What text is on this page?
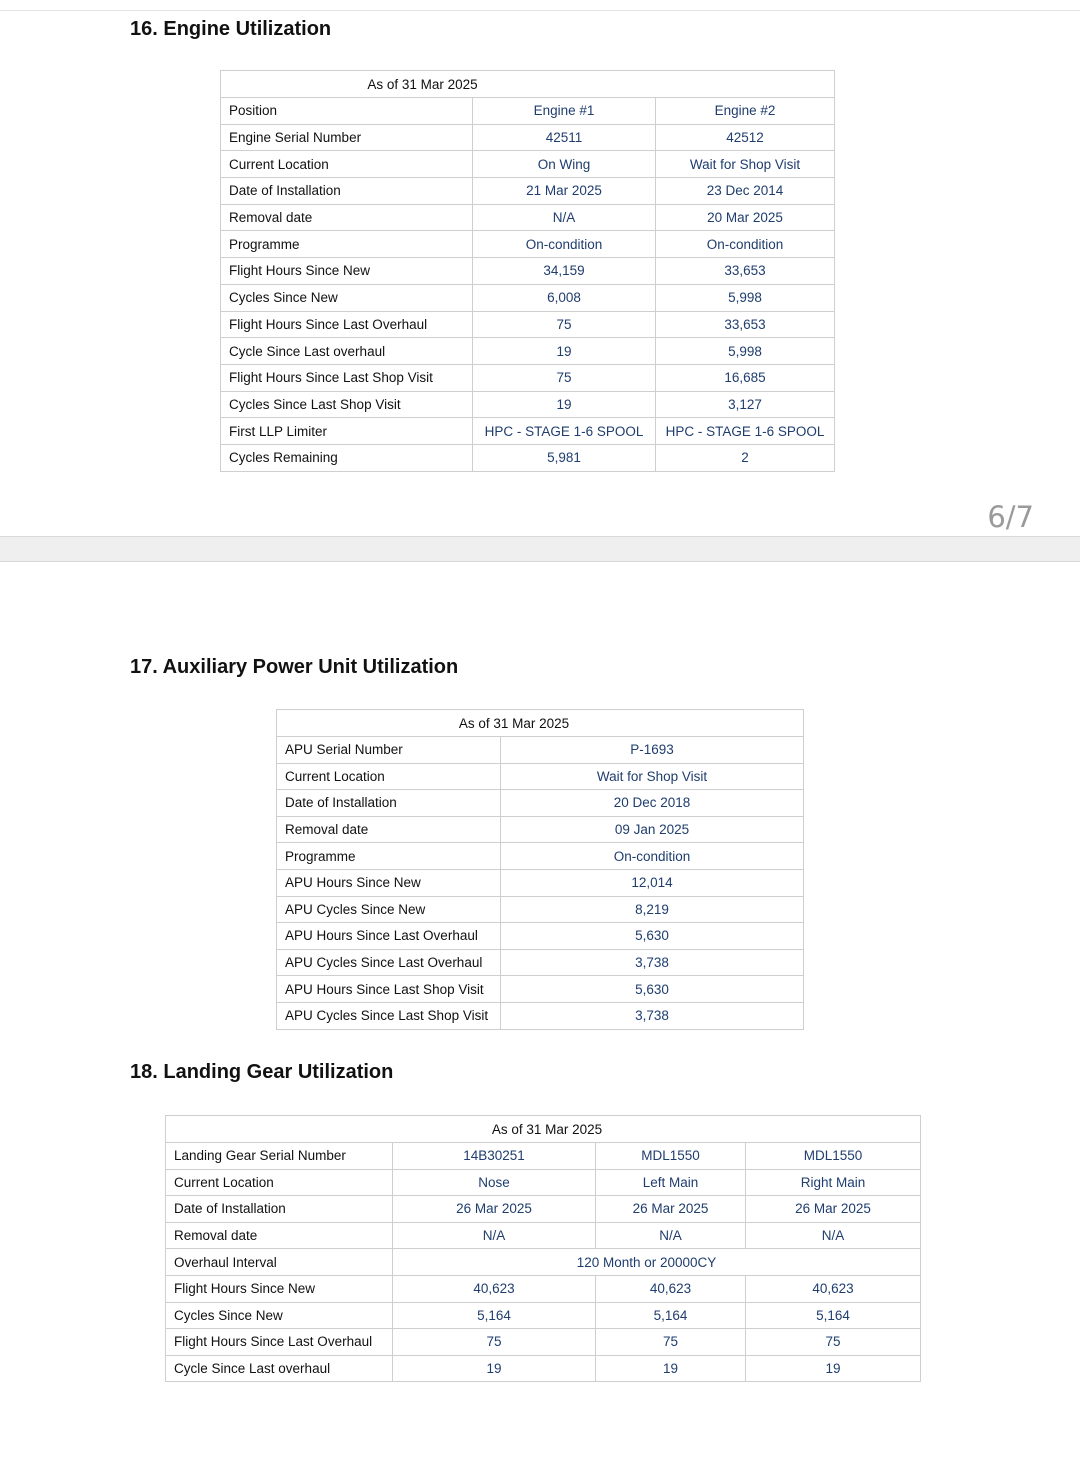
16. Engine Utilization
As of 31 Mar 2025		
Position	Engine #1	Engine #2
Engine Serial Number	42511	42512
Current Location	On Wing	Wait for Shop Visit
Date of Installation	21 Mar 2025	23 Dec 2014
Removal date	N/A	20 Mar 2025
Programme	On-condition	On-condition
Flight Hours Since New	34,159	33,653
Cycles Since New	6,008	5,998
Flight Hours Since Last Overhaul	75	33,653
Cycle Since Last overhaul	19	5,998
Flight Hours Since Last Shop Visit	75	16,685
Cycles Since Last Shop Visit	19	3,127
First LLP Limiter	HPC - STAGE 1-6 SPOOL	HPC - STAGE 1-6 SPOOL
Cycles Remaining	5,981	2
6/7
17. Auxiliary Power Unit Utilization
As of 31 Mar 2025	
APU Serial Number	P-1693
Current Location	Wait for Shop Visit
Date of Installation	20 Dec 2018
Removal date	09 Jan 2025
Programme	On-condition
APU Hours Since New	12,014
APU Cycles Since New	8,219
APU Hours Since Last Overhaul	5,630
APU Cycles Since Last Overhaul	3,738
APU Hours Since Last Shop Visit	5,630
APU Cycles Since Last Shop Visit	3,738
18. Landing Gear Utilization
As of 31 Mar 2025			
Landing Gear Serial Number	14B30251	MDL1550	MDL1550
Current Location	Nose	Left Main	Right Main
Date of Installation	26 Mar 2025	26 Mar 2025	26 Mar 2025
Removal date	N/A	N/A	N/A
Overhaul Interval	120 Month or 20000CY		
Flight Hours Since New	40,623	40,623	40,623
Cycles Since New	5,164	5,164	5,164
Flight Hours Since Last Overhaul	75	75	75
Cycle Since Last overhaul	19	19	19
